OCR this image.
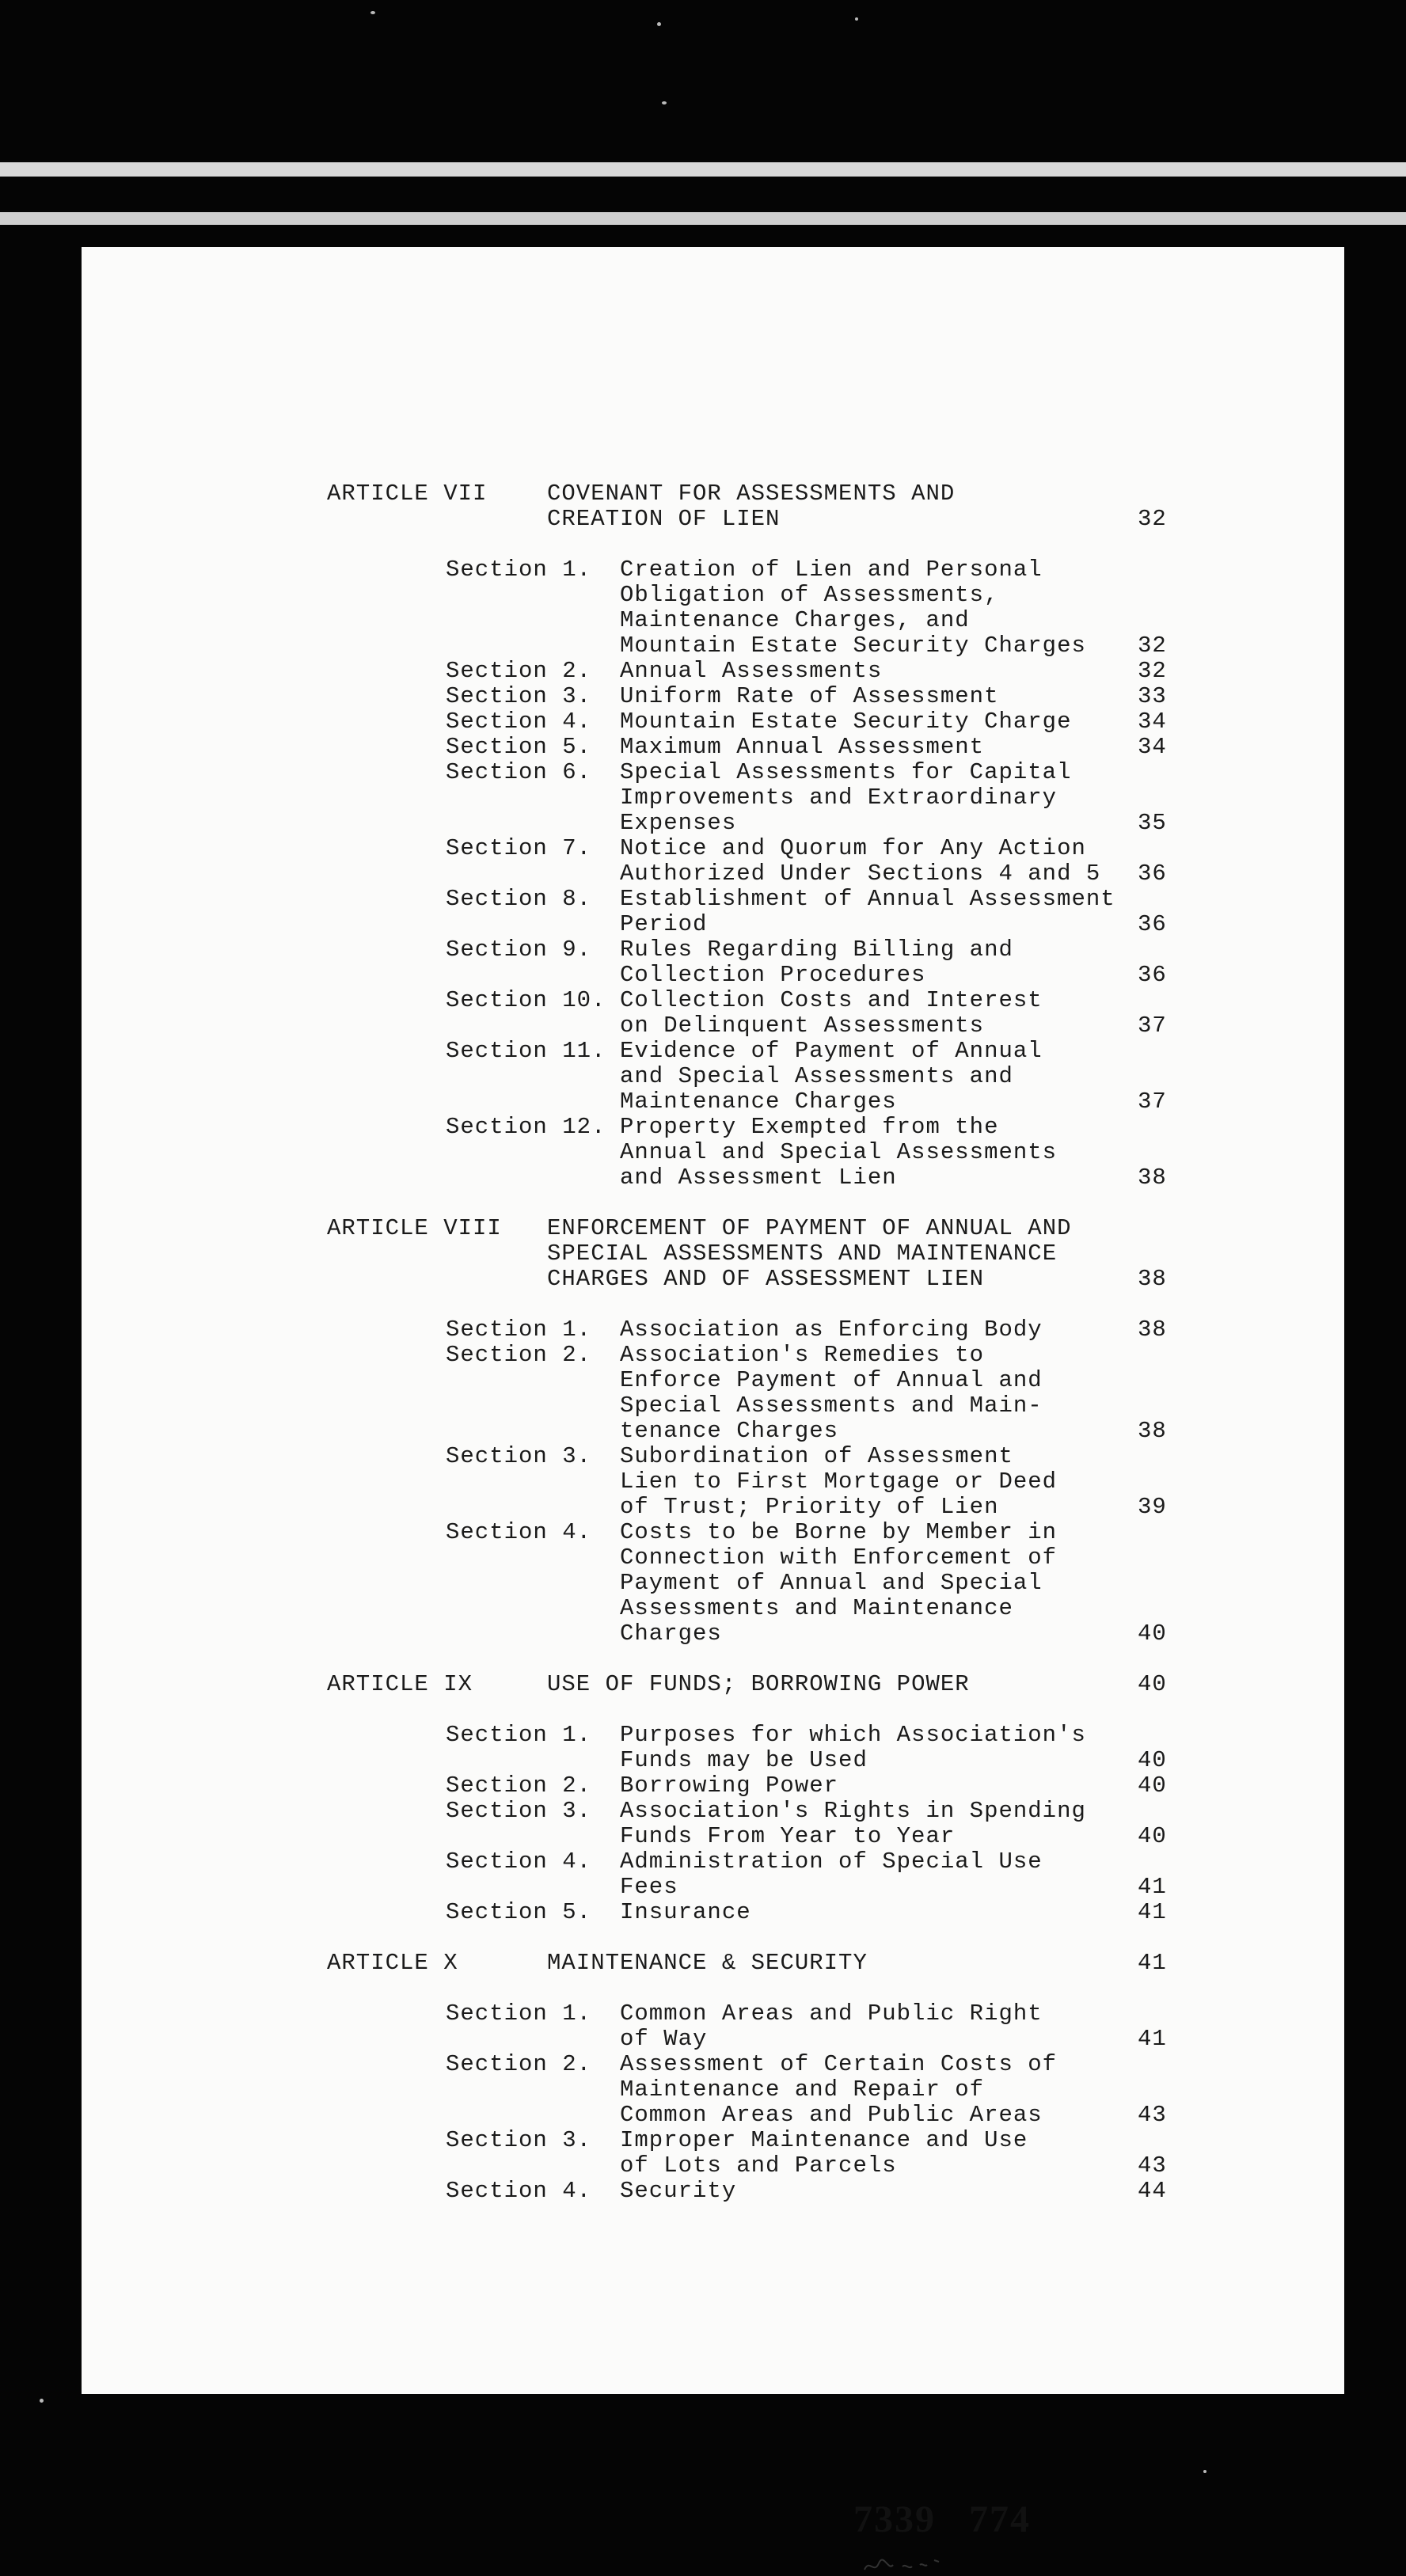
ARTICLE VII	COVENANT FOR ASSESSMENTS AND
CREATION OF LIEN	32
Section 1. Creation of Lien and Personal
Obligation of Assessments,
Maintenance Charges, and
Mountain Estate Security Charges 32
Section 2. Annual Assessments	32
Section 3. Uniform Rate of Assessment	33
Section 4. Mountain Estate Security Charge	34
Section 5. Maximum Annual Assessment	34
Section 6. Special Assessments for Capital
Improvements and Extraordinary
Expenses	35
Section 7. Notice and Quorum for Any Action
Authorized Under Sections 4 and 5 36
Section 8. Establishment of Annual Assessment
Period	36
Section 9. Rules Regarding Billing and
Collection Procedures	36
Section 10. Collection Costs and Interest
on Delinquent Assessments	37
Section 11. Evidence of Payment of Annual
and Special Assessments and
Maintenance Charges	37
Section 12. Property Exempted from the
Annual and Special Assessments
and Assessment Lien	38
ARTICLE VIII ENFORCEMENT OF PAYMENT OF ANNUAL AND
SPECIAL ASSESSMENTS AND MAINTENANCE
CHARGES AND OF ASSESSMENT LIEN	38
Section 1. Association as Enforcing Body	38
Section 2. Association's Remedies to
Enforce Payment of Annual and
Special Assessments and Main-
tenance Charges	38
Section 3. Subordination of Assessment
Lien to First Mortgage or Deed
of Trust; Priority of Lien	39
Section 4. Costs to be Borne by Member in
Connection with Enforcement of
Payment of Annual and Special
Assessments and Maintenance
Charges	40
ARTICLE IX	USE OF FUNDS; BORROWING POWER	40
Section 1. Purposes for which Association's
Funds may be Used	40
Section 2. Borrowing Power	40
Section 3. Association's Rights in Spending
Funds From Year to Year	40
Section 4. Administration of Special Use
Fees	41
Section 5. Insurance	41
ARTICLE X	MAINTENANCE & SECURITY	41
Section 1. Common Areas and Public Right
of Way	41
Section 2. Assessment of Certain Costs of
Maintenance and Repair of
Common Areas and Public Areas	43
Section 3. Improper Maintenance and Use
of Lots and Parcels	43
Section 4. Security	44
7339   774
